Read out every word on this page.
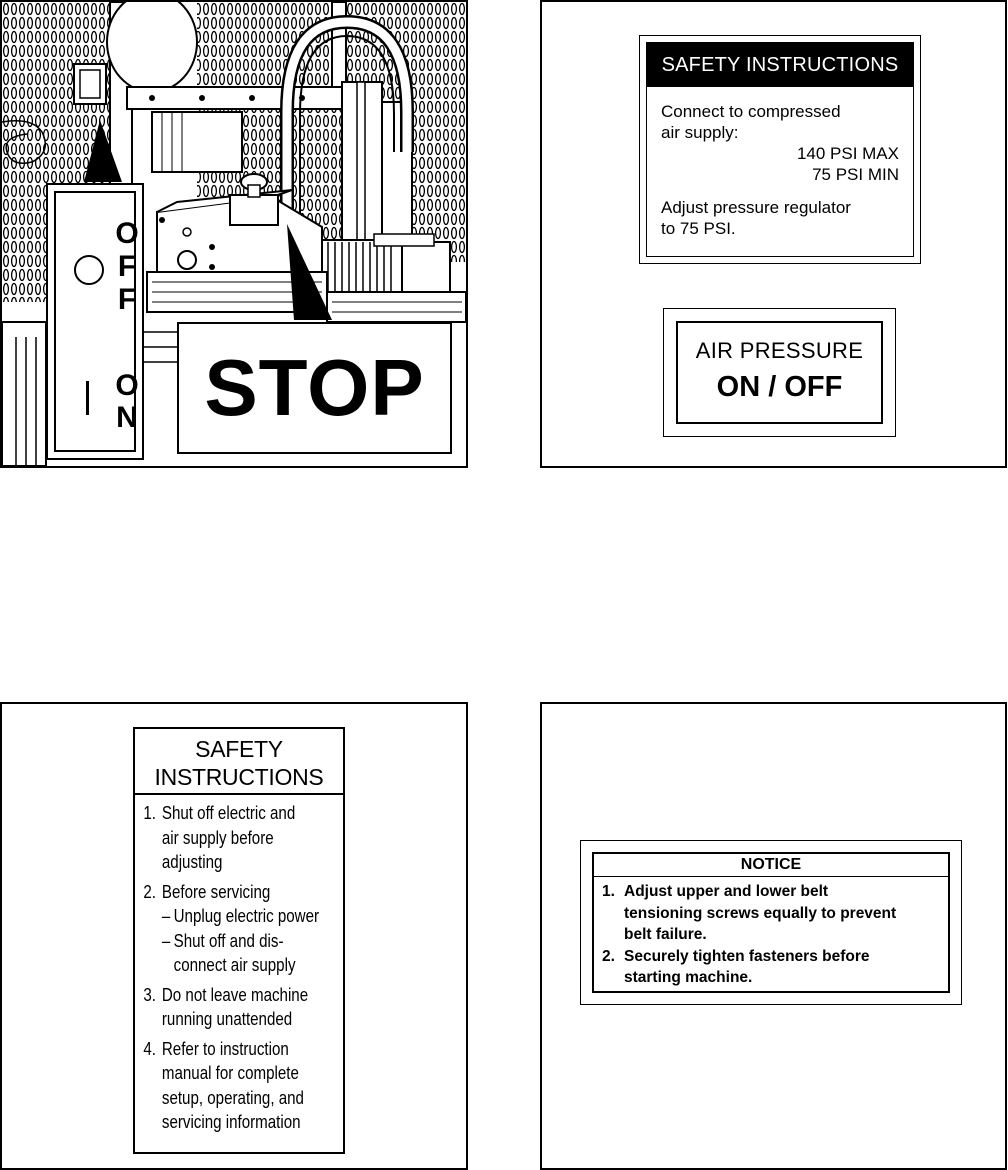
O
F
F
O
N STOP
SAFETY INSTRUCTIONS
Connect to compressed
air supply:
140 PSI MAX
75 PSI MIN
Adjust pressure regulator
to 75 PSI.
AIR PRESSURE
ON / OFF
SAFETY
INSTRUCTIONS
1. Shut off electric and
air supply before
adjusting
2. Before servicing
– Unplug electric power
– Shut off and dis-
connect air supply
3. Do not leave machine
running unattended
4. Refer to instruction
manual for complete
setup, operating, and
servicing information
NOTICE
1. Adjust upper and lower belt
tensioning screws equally to prevent
belt failure.
2. Securely tighten fasteners before
starting machine.
